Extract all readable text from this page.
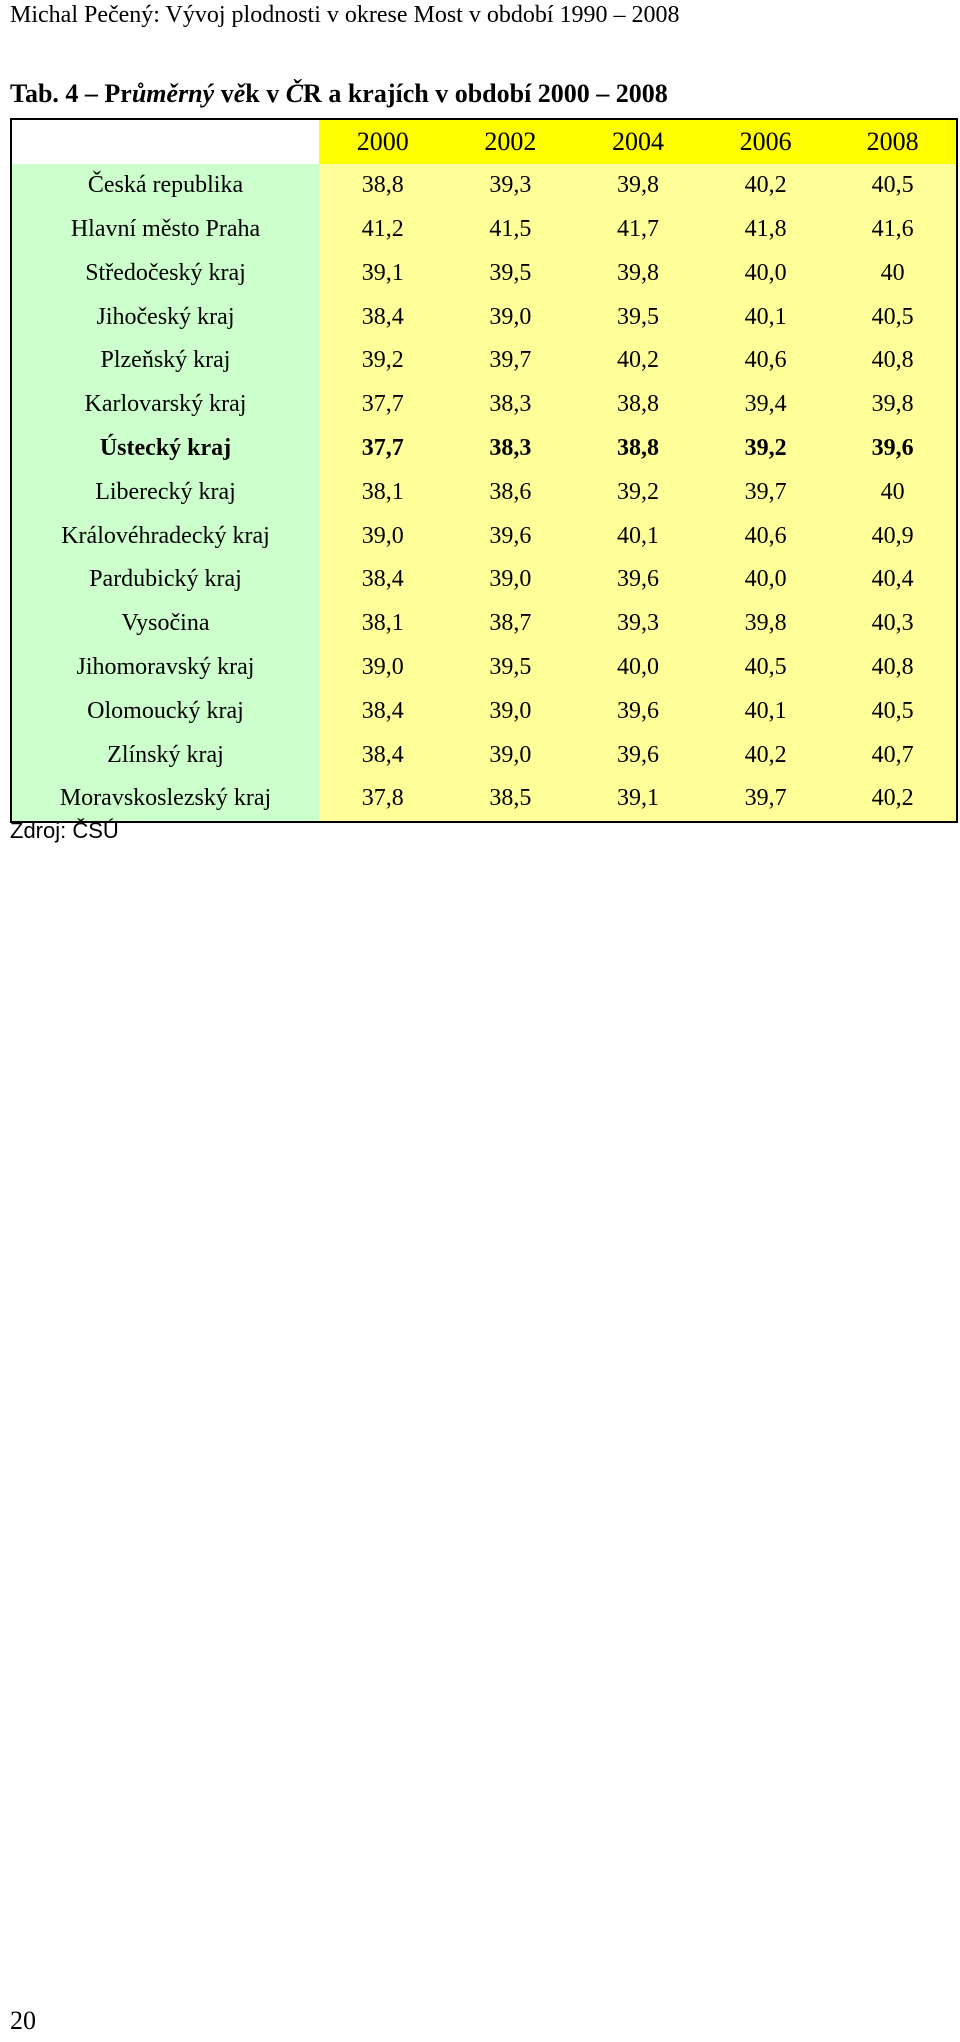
Michal Pečený: Vývoj plodnosti v okrese Most v období 1990 – 2008
Tab. 4 – Průměrný věk v ČR a krajích v období 2000 – 2008
	2000	2002	2004	2006	2008
Česká republika	38,8	39,3	39,8	40,2	40,5
Hlavní město Praha	41,2	41,5	41,7	41,8	41,6
Středočeský kraj	39,1	39,5	39,8	40,0	40
Jihočeský kraj	38,4	39,0	39,5	40,1	40,5
Plzeňský kraj	39,2	39,7	40,2	40,6	40,8
Karlovarský kraj	37,7	38,3	38,8	39,4	39,8
Ústecký kraj	37,7	38,3	38,8	39,2	39,6
Liberecký kraj	38,1	38,6	39,2	39,7	40
Královéhradecký kraj	39,0	39,6	40,1	40,6	40,9
Pardubický kraj	38,4	39,0	39,6	40,0	40,4
Vysočina	38,1	38,7	39,3	39,8	40,3
Jihomoravský kraj	39,0	39,5	40,0	40,5	40,8
Olomoucký kraj	38,4	39,0	39,6	40,1	40,5
Zlínský kraj	38,4	39,0	39,6	40,2	40,7
Moravskoslezský kraj	37,8	38,5	39,1	39,7	40,2
Zdroj: ČSÚ
20
